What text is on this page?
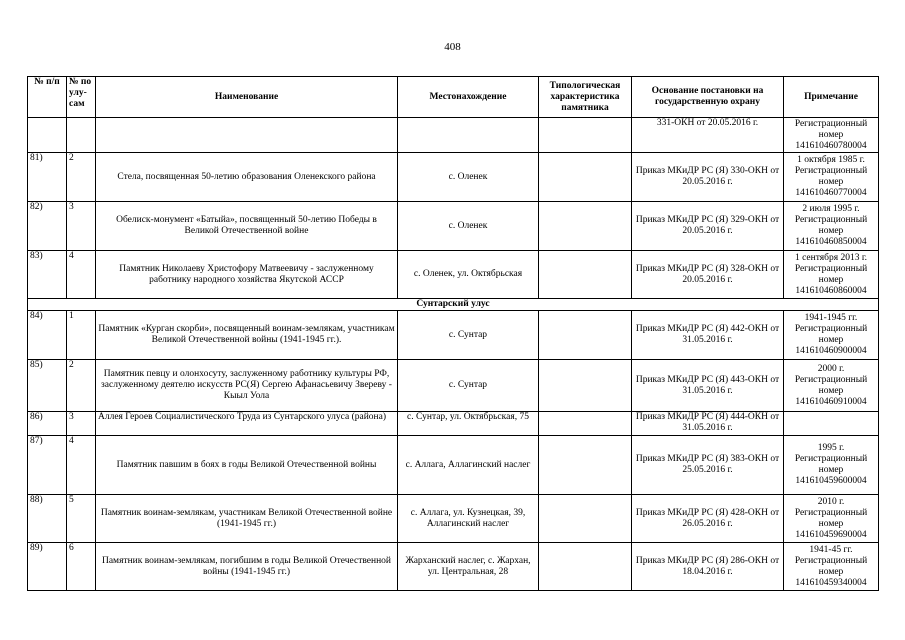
408
№ п/п	№ по улу-сам	Наименование	Местонахождение	Типологическая характеристика памятника	Основание постановки на государственную охрану	Примечание
					331-ОКН от 20.05.2016 г.	Регистрационный номер 141610460780004
81)	2	Стела, посвященная 50-летию образования Оленекского района	с. Оленек		Приказ МКиДР РС (Я) 330-ОКН от 20.05.2016 г.	1 октября 1985 г. Регистрационный номер 141610460770004
82)	3	Обелиск-монумент «Батыйа», посвященный 50-летию Победы в Великой Отечественной войне	с. Оленек		Приказ МКиДР РС (Я) 329-ОКН от 20.05.2016 г.	2 июля 1995 г. Регистрационный номер 141610460850004
83)	4	Памятник Николаеву Христофору Матвеевичу - заслуженному работнику народного хозяйства Якутской АССР	с. Оленек, ул. Октябрьская		Приказ МКиДР РС (Я) 328-ОКН от 20.05.2016 г.	1 сентября 2013 г. Регистрационный номер 141610460860004
Сунтарский улус						
84)	1	Памятник «Курган скорби», посвященный воинам-землякам, участникам Великой Отечественной войны (1941-1945 гг.).	с. Сунтар		Приказ МКиДР РС (Я) 442-ОКН от 31.05.2016 г.	1941-1945 гг. Регистрационный номер 141610460900004
85)	2	Памятник певцу и олонхосуту, заслуженному работнику культуры РФ, заслуженному деятелю искусств РС(Я) Сергею Афанасьевичу Звереву - Кыыл Уола	с. Сунтар		Приказ МКиДР РС (Я) 443-ОКН от 31.05.2016 г.	2000 г. Регистрационный номер 141610460910004
86)	3	Аллея Героев Социалистического Труда из Сунтарского улуса (района)	с. Сунтар, ул. Октябрьская, 75		Приказ МКиДР РС (Я) 444-ОКН от 31.05.2016 г.	
87)	4	Памятник павшим в боях в годы Великой Отечественной войны	с. Аллага, Аллагинский наслег		Приказ МКиДР РС (Я) 383-ОКН от 25.05.2016 г.	1995 г. Регистрационный номер 141610459600004
88)	5	Памятник воинам-землякам, участникам Великой Отечественной войне (1941-1945 гг.)	с. Аллага, ул. Кузнецкая, 39, Аллагинский наслег		Приказ МКиДР РС (Я) 428-ОКН от 26.05.2016 г.	2010 г. Регистрационный номер 141610459690004
89)	6	Памятник воинам-землякам, погибшим в годы Великой Отечественной войны (1941-1945 гг.)	Жарханский наслег, с. Жархан, ул. Центральная, 28		Приказ МКиДР РС (Я) 286-ОКН от 18.04.2016 г.	1941-45 гг. Регистрационный номер 141610459340004
